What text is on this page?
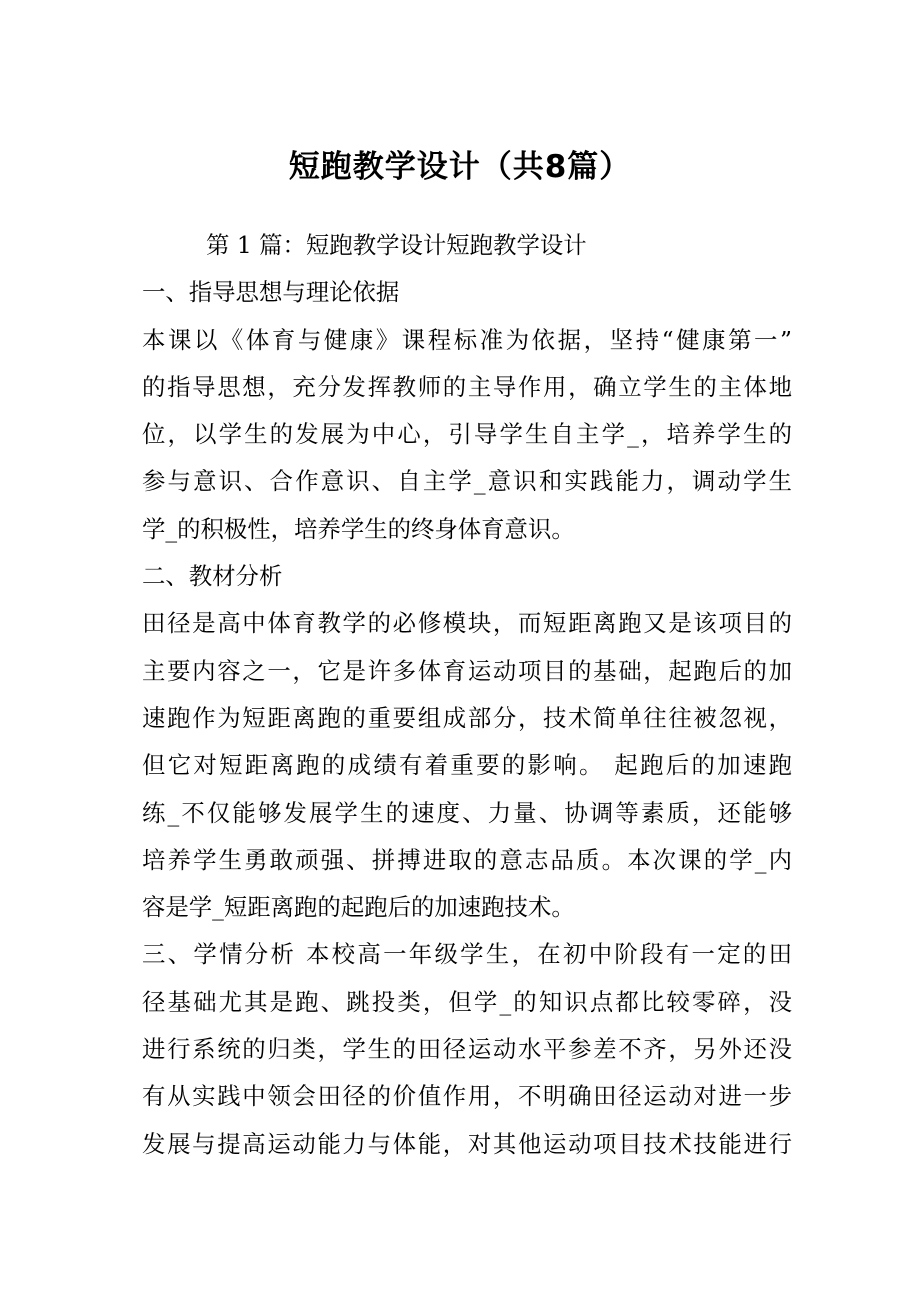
短跑教学设计（共8篇）
第 1 篇：短跑教学设计短跑教学设计
一、指导思想与理论依据
本课以《体育与健康》课程标准为依据，坚持“健康第一”
的指导思想，充分发挥教师的主导作用，确立学生的主体地
位，以学生的发展为中心，引导学生自主学_，培养学生的
参与意识、合作意识、自主学_意识和实践能力，调动学生
学_的积极性，培养学生的终身体育意识。
二、教材分析
田径是高中体育教学的必修模块，而短距离跑又是该项目的
主要内容之一，它是许多体育运动项目的基础，起跑后的加
速跑作为短距离跑的重要组成部分，技术简单往往被忽视，
但它对短距离跑的成绩有着重要的影响。 起跑后的加速跑
练_不仅能够发展学生的速度、力量、协调等素质，还能够
培养学生勇敢顽强、拼搏进取的意志品质。本次课的学_内
容是学_短距离跑的起跑后的加速跑技术。
三、学情分析 本校高一年级学生，在初中阶段有一定的田
径基础尤其是跑、跳投类，但学_的知识点都比较零碎，没
进行系统的归类，学生的田径运动水平参差不齐，另外还没
有从实践中领会田径的价值作用，不明确田径运动对进一步
发展与提高运动能力与体能，对其他运动项目技术技能进行
